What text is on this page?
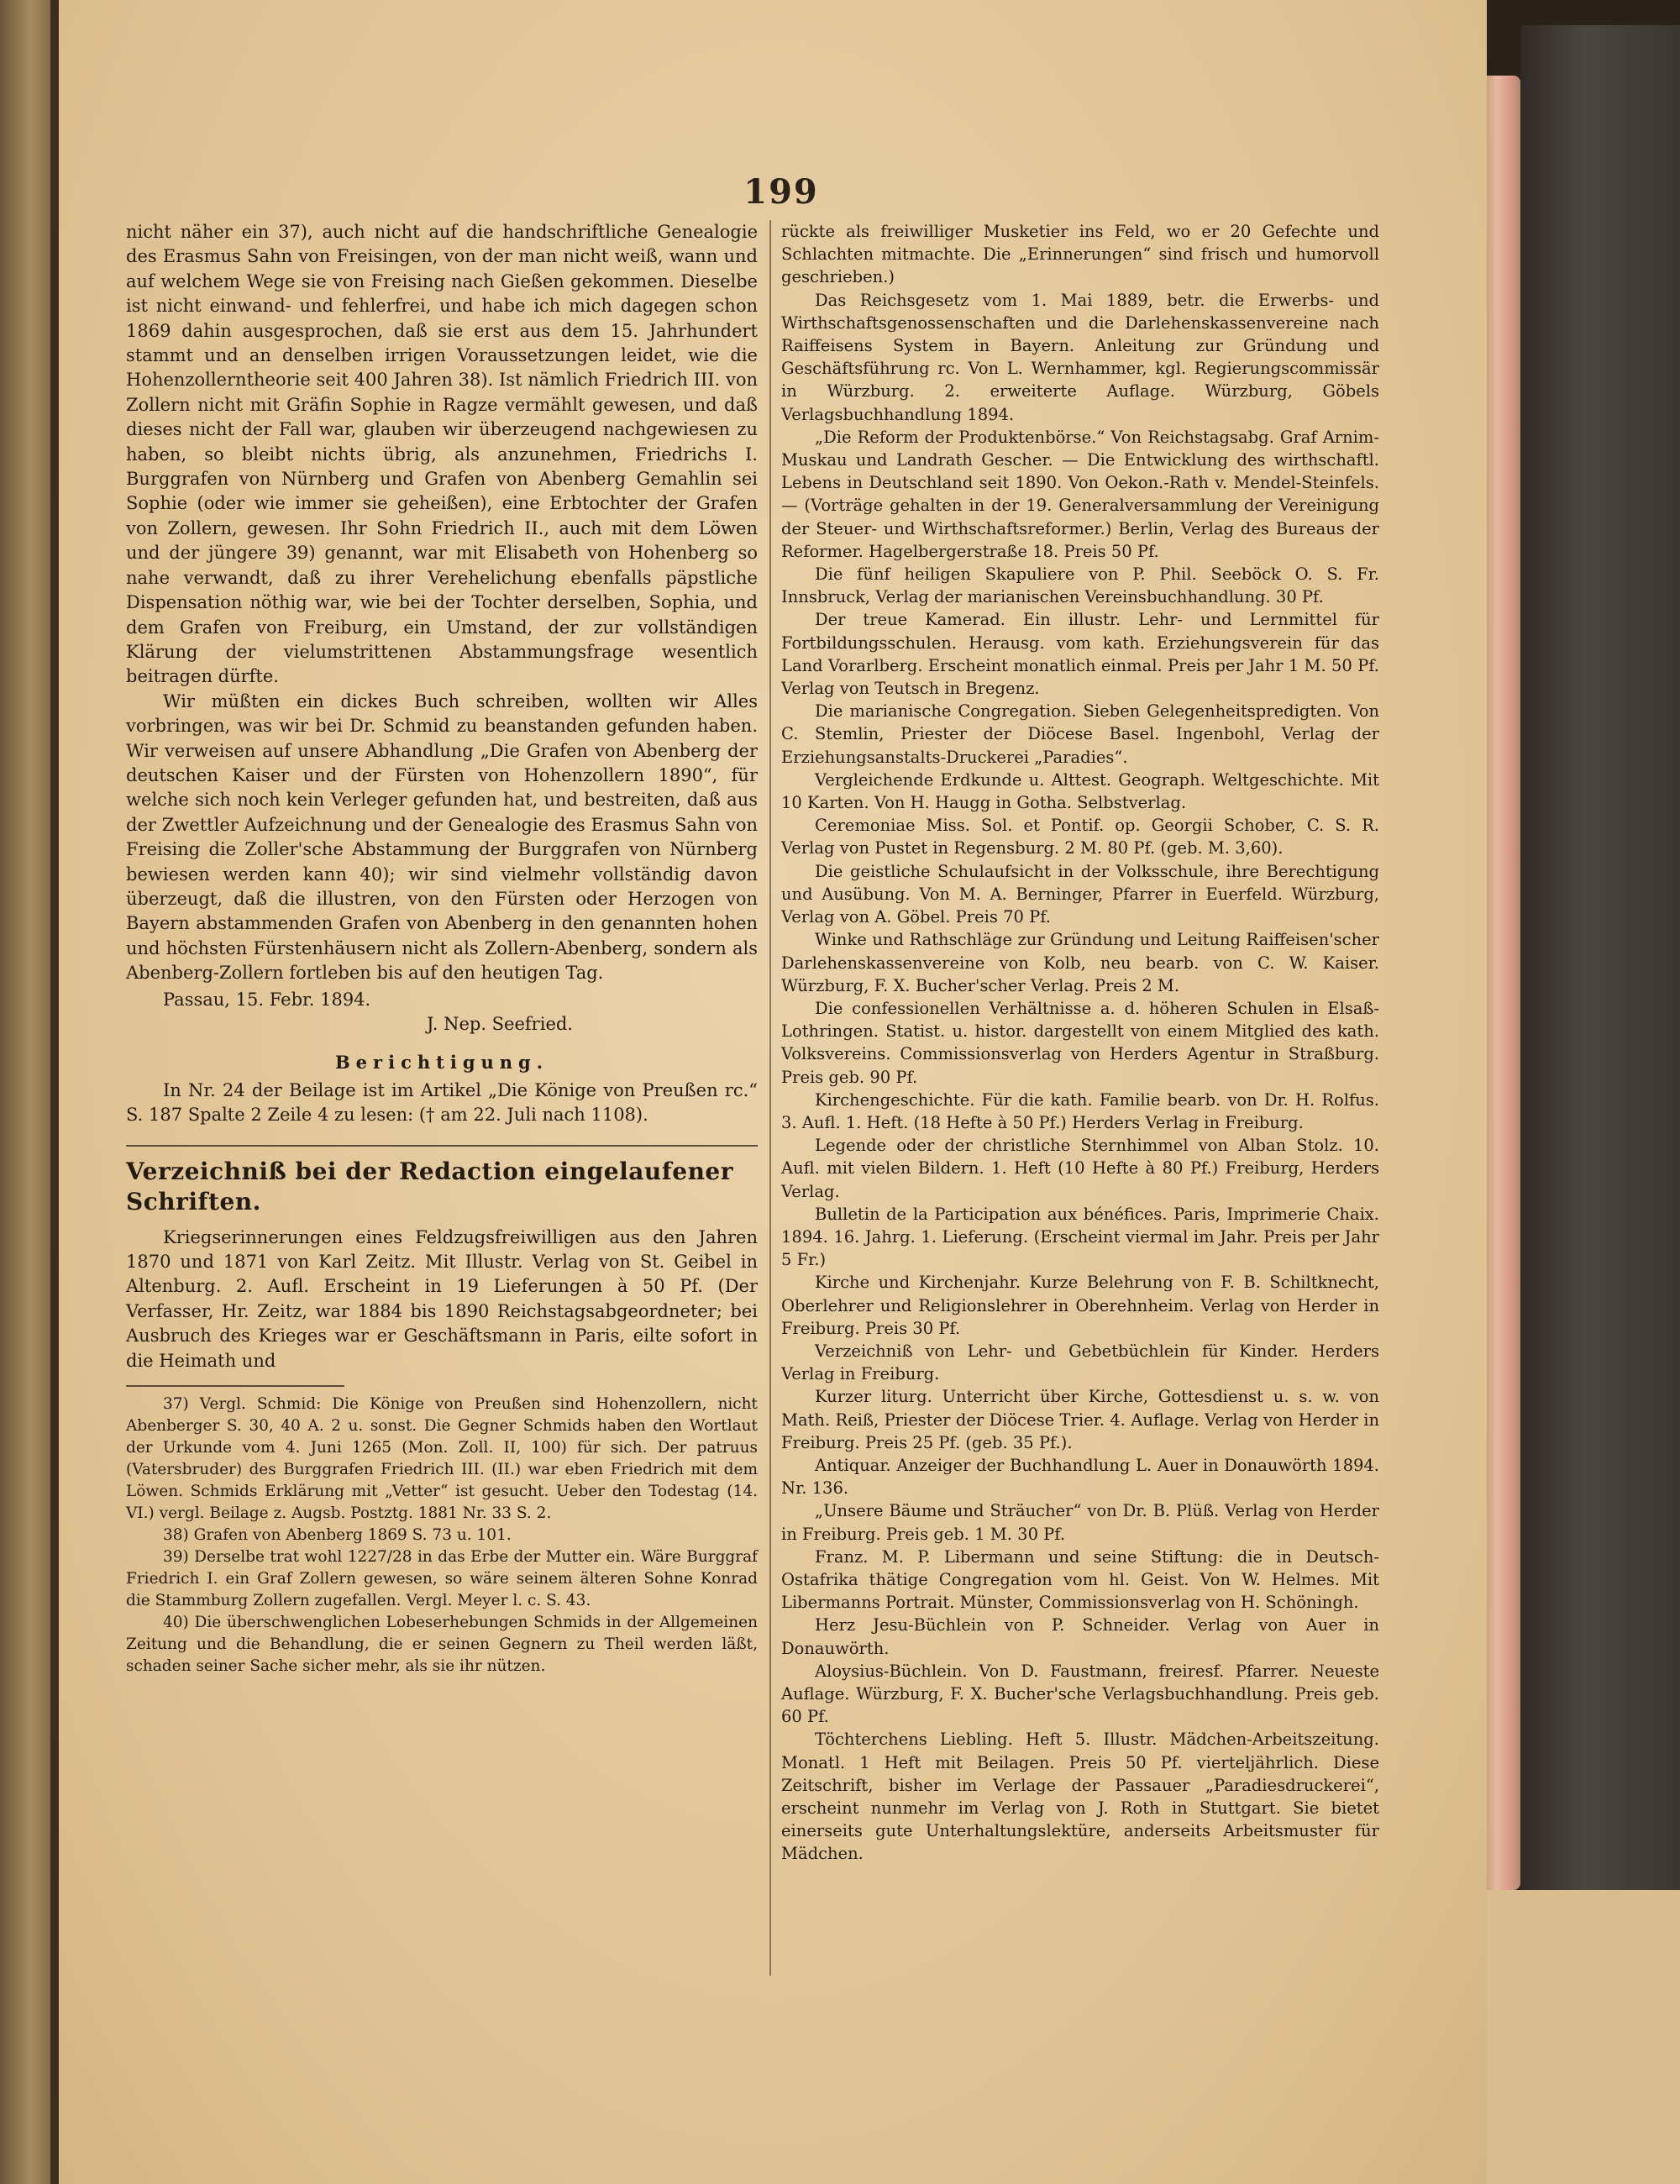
199

nicht näher ein 37), auch nicht auf die handschriftliche Genealogie des Erasmus Sahn von Freisingen, von der man nicht weiß, wann und auf welchem Wege sie von Freising nach Gießen gekommen. Dieselbe ist nicht einwand- und fehlerfrei, und habe ich mich dagegen schon 1869 dahin ausgesprochen, daß sie erst aus dem 15. Jahrhundert stammt und an denselben irrigen Voraussetzungen leidet, wie die Hohenzollerntheorie seit 400 Jahren 38). Ist nämlich Friedrich III. von Zollern nicht mit Gräfin Sophie in Ragze vermählt gewesen, und daß dieses nicht der Fall war, glauben wir überzeugend nachgewiesen zu haben, so bleibt nichts übrig, als anzunehmen, Friedrichs I. Burggrafen von Nürnberg und Grafen von Abenberg Gemahlin sei Sophie (oder wie immer sie geheißen), eine Erbtochter der Grafen von Zollern, gewesen. Ihr Sohn Friedrich II., auch mit dem Löwen und der jüngere 39) genannt, war mit Elisabeth von Hohenberg so nahe verwandt, daß zu ihrer Verehelichung ebenfalls päpstliche Dispensation nöthig war, wie bei der Tochter derselben, Sophia, und dem Grafen von Freiburg, ein Umstand, der zur vollständigen Klärung der vielumstrittenen Abstammungsfrage wesentlich beitragen dürfte.

Wir müßten ein dickes Buch schreiben, wollten wir Alles vorbringen, was wir bei Dr. Schmid zu beanstanden gefunden haben. Wir verweisen auf unsere Abhandlung „Die Grafen von Abenberg der deutschen Kaiser und der Fürsten von Hohenzollern 1890“, für welche sich noch kein Verleger gefunden hat, und bestreiten, daß aus der Zwettler Aufzeichnung und der Genealogie des Erasmus Sahn von Freising die Zoller'sche Abstammung der Burggrafen von Nürnberg bewiesen werden kann 40); wir sind vielmehr vollständig davon überzeugt, daß die illustren, von den Fürsten oder Herzogen von Bayern abstammenden Grafen von Abenberg in den genannten hohen und höchsten Fürstenhäusern nicht als Zollern-Abenberg, sondern als Abenberg-Zollern fortleben bis auf den heutigen Tag.

Passau, 15. Febr. 1894.

J. Nep. Seefried.

Berichtigung.

In Nr. 24 der Beilage ist im Artikel „Die Könige von Preußen rc.“ S. 187 Spalte 2 Zeile 4 zu lesen: († am 22. Juli nach 1108).

Verzeichniß bei der Redaction eingelaufener Schriften.

Kriegserinnerungen eines Feldzugsfreiwilligen aus den Jahren 1870 und 1871 von Karl Zeitz. Mit Illustr. Verlag von St. Geibel in Altenburg. 2. Aufl. Erscheint in 19 Lieferungen à 50 Pf. (Der Verfasser, Hr. Zeitz, war 1884 bis 1890 Reichstagsabgeordneter; bei Ausbruch des Krieges war er Geschäftsmann in Paris, eilte sofort in die Heimath und

37) Vergl. Schmid: Die Könige von Preußen sind Hohenzollern, nicht Abenberger S. 30, 40 A. 2 u. sonst. Die Gegner Schmids haben den Wortlaut der Urkunde vom 4. Juni 1265 (Mon. Zoll. II, 100) für sich. Der patruus (Vatersbruder) des Burggrafen Friedrich III. (II.) war eben Friedrich mit dem Löwen. Schmids Erklärung mit „Vetter“ ist gesucht. Ueber den Todestag (14. VI.) vergl. Beilage z. Augsb. Postztg. 1881 Nr. 33 S. 2.

38) Grafen von Abenberg 1869 S. 73 u. 101.

39) Derselbe trat wohl 1227/28 in das Erbe der Mutter ein. Wäre Burggraf Friedrich I. ein Graf Zollern gewesen, so wäre seinem älteren Sohne Konrad die Stammburg Zollern zugefallen. Vergl. Meyer l. c. S. 43.

40) Die überschwenglichen Lobeserhebungen Schmids in der Allgemeinen Zeitung und die Behandlung, die er seinen Gegnern zu Theil werden läßt, schaden seiner Sache sicher mehr, als sie ihr nützen.

rückte als freiwilliger Musketier ins Feld, wo er 20 Gefechte und Schlachten mitmachte. Die „Erinnerungen“ sind frisch und humorvoll geschrieben.)

Das Reichsgesetz vom 1. Mai 1889, betr. die Erwerbs- und Wirthschaftsgenossenschaften und die Darlehenskassenvereine nach Raiffeisens System in Bayern. Anleitung zur Gründung und Geschäftsführung rc. Von L. Wernhammer, kgl. Regierungscommissär in Würzburg. 2. erweiterte Auflage. Würzburg, Göbels Verlagsbuchhandlung 1894.

„Die Reform der Produktenbörse.“ Von Reichstagsabg. Graf Arnim-Muskau und Landrath Gescher. — Die Entwicklung des wirthschaftl. Lebens in Deutschland seit 1890. Von Oekon.-Rath v. Mendel-Steinfels. — (Vorträge gehalten in der 19. Generalversammlung der Vereinigung der Steuer- und Wirthschaftsreformer.) Berlin, Verlag des Bureaus der Reformer. Hagelbergerstraße 18. Preis 50 Pf.

Die fünf heiligen Skapuliere von P. Phil. Seeböck O. S. Fr. Innsbruck, Verlag der marianischen Vereinsbuchhandlung. 30 Pf.

Der treue Kamerad. Ein illustr. Lehr- und Lernmittel für Fortbildungsschulen. Herausg. vom kath. Erziehungsverein für das Land Vorarlberg. Erscheint monatlich einmal. Preis per Jahr 1 M. 50 Pf. Verlag von Teutsch in Bregenz.

Die marianische Congregation. Sieben Gelegenheitspredigten. Von C. Stemlin, Priester der Diöcese Basel. Ingenbohl, Verlag der Erziehungsanstalts-Druckerei „Paradies“.

Vergleichende Erdkunde u. Alttest. Geograph. Weltgeschichte. Mit 10 Karten. Von H. Haugg in Gotha. Selbstverlag.

Ceremoniae Miss. Sol. et Pontif. op. Georgii Schober, C. S. R. Verlag von Pustet in Regensburg. 2 M. 80 Pf. (geb. M. 3,60).

Die geistliche Schulaufsicht in der Volksschule, ihre Berechtigung und Ausübung. Von M. A. Berninger, Pfarrer in Euerfeld. Würzburg, Verlag von A. Göbel. Preis 70 Pf.

Winke und Rathschläge zur Gründung und Leitung Raiffeisen'scher Darlehenskassenvereine von Kolb, neu bearb. von C. W. Kaiser. Würzburg, F. X. Bucher'scher Verlag. Preis 2 M.

Die confessionellen Verhältnisse a. d. höheren Schulen in Elsaß-Lothringen. Statist. u. histor. dargestellt von einem Mitglied des kath. Volksvereins. Commissionsverlag von Herders Agentur in Straßburg. Preis geb. 90 Pf.

Kirchengeschichte. Für die kath. Familie bearb. von Dr. H. Rolfus. 3. Aufl. 1. Heft. (18 Hefte à 50 Pf.) Herders Verlag in Freiburg.

Legende oder der christliche Sternhimmel von Alban Stolz. 10. Aufl. mit vielen Bildern. 1. Heft (10 Hefte à 80 Pf.) Freiburg, Herders Verlag.

Bulletin de la Participation aux bénéfices. Paris, Imprimerie Chaix. 1894. 16. Jahrg. 1. Lieferung. (Erscheint viermal im Jahr. Preis per Jahr 5 Fr.)

Kirche und Kirchenjahr. Kurze Belehrung von F. B. Schiltknecht, Oberlehrer und Religionslehrer in Oberehnheim. Verlag von Herder in Freiburg. Preis 30 Pf.

Verzeichniß von Lehr- und Gebetbüchlein für Kinder. Herders Verlag in Freiburg.

Kurzer liturg. Unterricht über Kirche, Gottesdienst u. s. w. von Math. Reiß, Priester der Diöcese Trier. 4. Auflage. Verlag von Herder in Freiburg. Preis 25 Pf. (geb. 35 Pf.).

Antiquar. Anzeiger der Buchhandlung L. Auer in Donauwörth 1894. Nr. 136.

„Unsere Bäume und Sträucher“ von Dr. B. Plüß. Verlag von Herder in Freiburg. Preis geb. 1 M. 30 Pf.

Franz. M. P. Libermann und seine Stiftung: die in Deutsch-Ostafrika thätige Congregation vom hl. Geist. Von W. Helmes. Mit Libermanns Portrait. Münster, Commissionsverlag von H. Schöningh.

Herz Jesu-Büchlein von P. Schneider. Verlag von Auer in Donauwörth.

Aloysius-Büchlein. Von D. Faustmann, freiresf. Pfarrer. Neueste Auflage. Würzburg, F. X. Bucher'sche Verlagsbuchhandlung. Preis geb. 60 Pf.

Töchterchens Liebling. Heft 5. Illustr. Mädchen-Arbeitszeitung. Monatl. 1 Heft mit Beilagen. Preis 50 Pf. vierteljährlich. Diese Zeitschrift, bisher im Verlage der Passauer „Paradiesdruckerei“, erscheint nunmehr im Verlag von J. Roth in Stuttgart. Sie bietet einerseits gute Unterhaltungslektüre, anderseits Arbeitsmuster für Mädchen.
